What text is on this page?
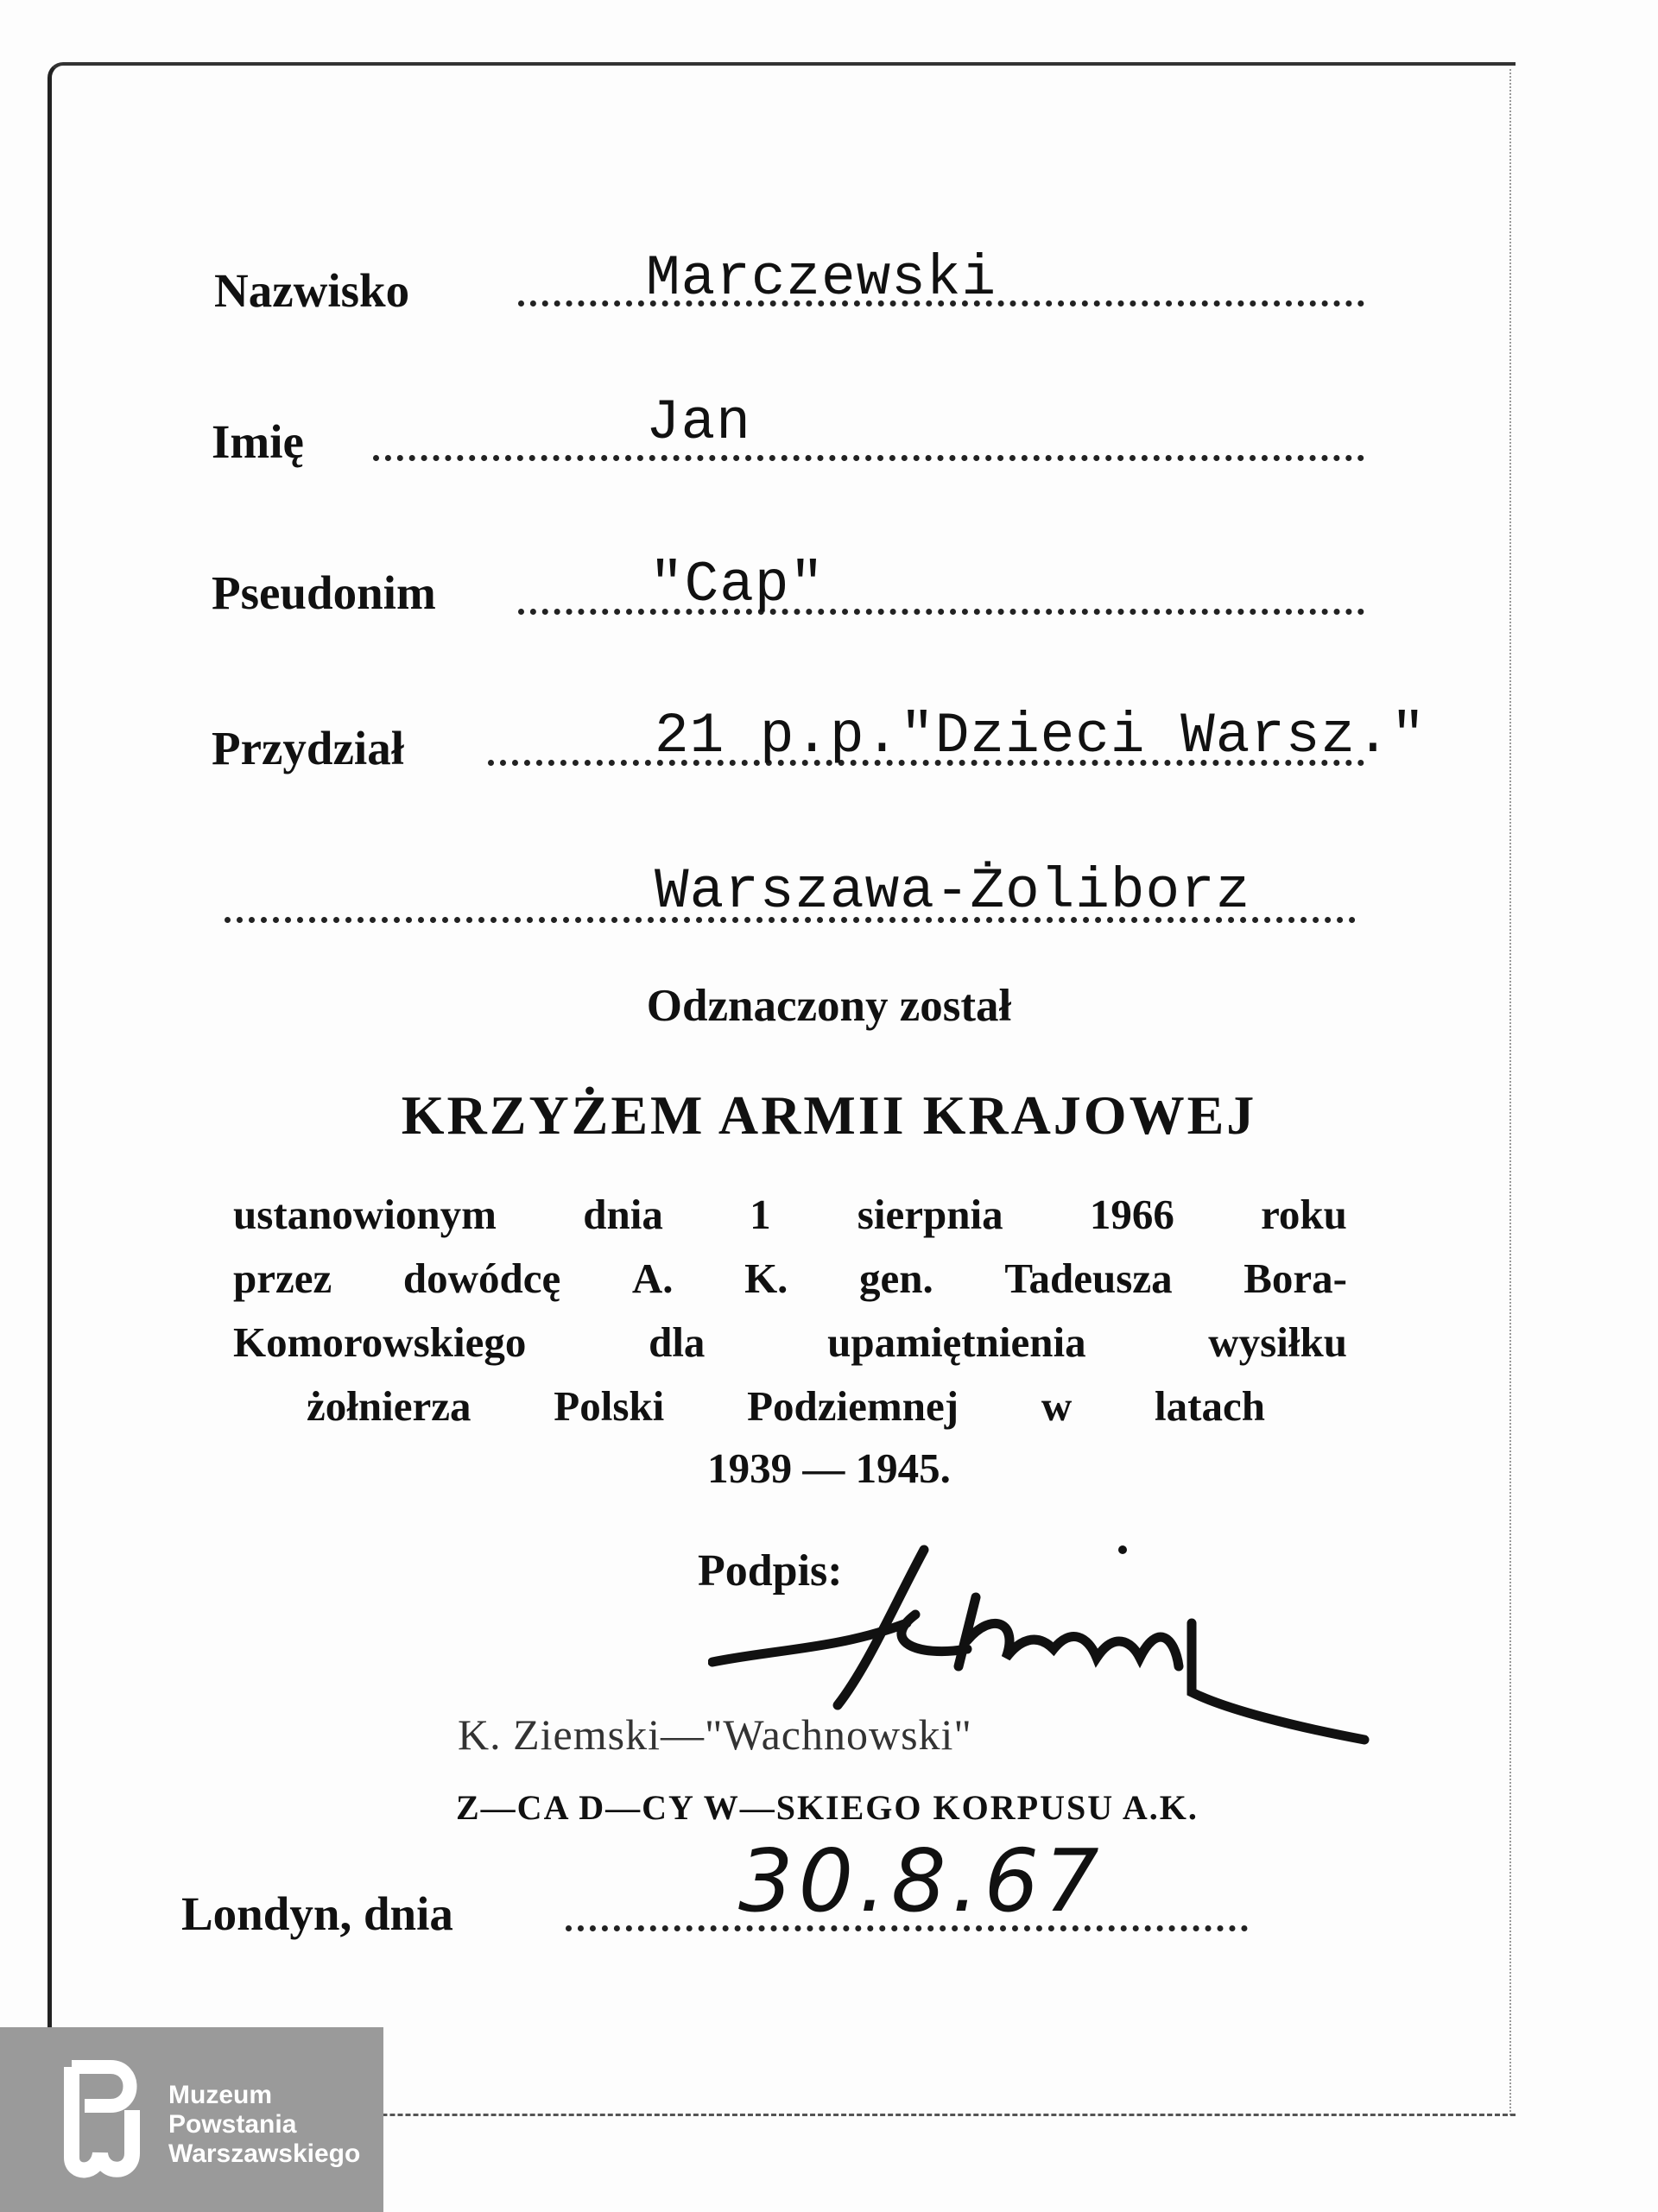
Nazwisko	Marczewski
Imię	Jan
Pseudonim	"Cap"
Przydział	21 p.p."Dzieci Warsz."
Warszawa-Żoliborz
Odznaczony został
KRZYŻEM ARMII KRAJOWEJ
ustanowionym dnia 1 sierpnia 1966 roku
przez dowódcę A. K. gen. Tadeusza Bora-
Komorowskiego	dla	upamiętnienia	wysiłku
żołnierza Polski Podziemnej w latach
1939 — 1945.
Podpis:
K. Ziemski—"Wachnowski"
Z—CA D—CY W—SKIEGO KORPUSU A.K.
Londyn, dnia	30.8.67
Muzeum
Powstania
Warszawskiego
